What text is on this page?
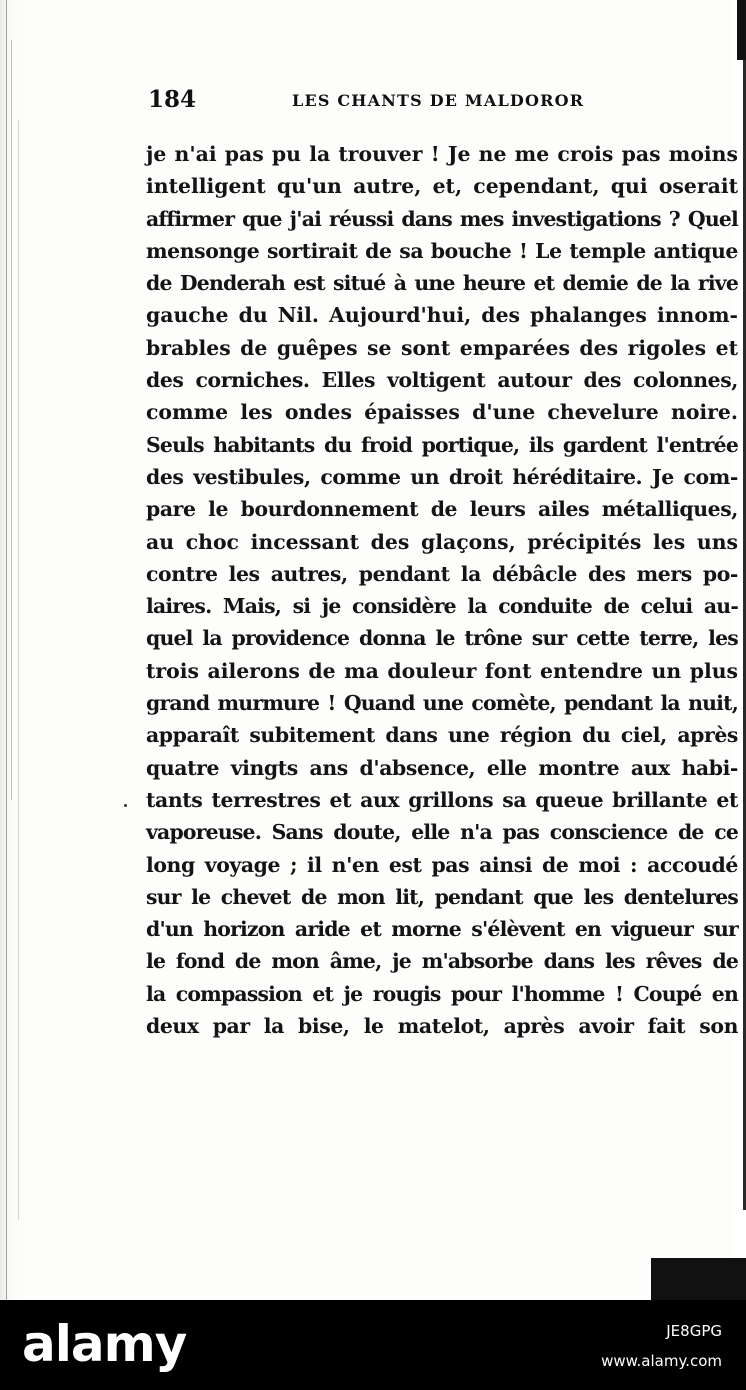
184	LES CHANTS DE MALDOROR
je n'ai pas pu la trouver ! Je ne me crois pas moins
intelligent qu'un autre, et, cependant, qui oserait
affirmer que j'ai réussi dans mes investigations ? Quel
mensonge sortirait de sa bouche ! Le temple antique
de Denderah est situé à une heure et demie de la rive
gauche du Nil. Aujourd'hui, des phalanges innom-
brables de guêpes se sont emparées des rigoles et
des corniches. Elles voltigent autour des colonnes,
comme les ondes épaisses d'une chevelure noire.
Seuls habitants du froid portique, ils gardent l'entrée
des vestibules, comme un droit héréditaire. Je com-
pare le bourdonnement de leurs ailes métalliques,
au choc incessant des glaçons, précipités les uns
contre les autres, pendant la débâcle des mers po-
laires. Mais, si je considère la conduite de celui au-
quel la providence donna le trône sur cette terre, les
trois ailerons de ma douleur font entendre un plus
grand murmure ! Quand une comète, pendant la nuit,
apparaît subitement dans une région du ciel, après
quatre vingts ans d'absence, elle montre aux habi-
tants terrestres et aux grillons sa queue brillante et
vaporeuse. Sans doute, elle n'a pas conscience de ce
long voyage ; il n'en est pas ainsi de moi : accoudé
sur le chevet de mon lit, pendant que les dentelures
d'un horizon aride et morne s'élèvent en vigueur sur
le fond de mon âme, je m'absorbe dans les rêves de
la compassion et je rougis pour l'homme ! Coupé en
deux par la bise, le matelot, après avoir fait son
alamy	JE8GPG
www.alamy.com
